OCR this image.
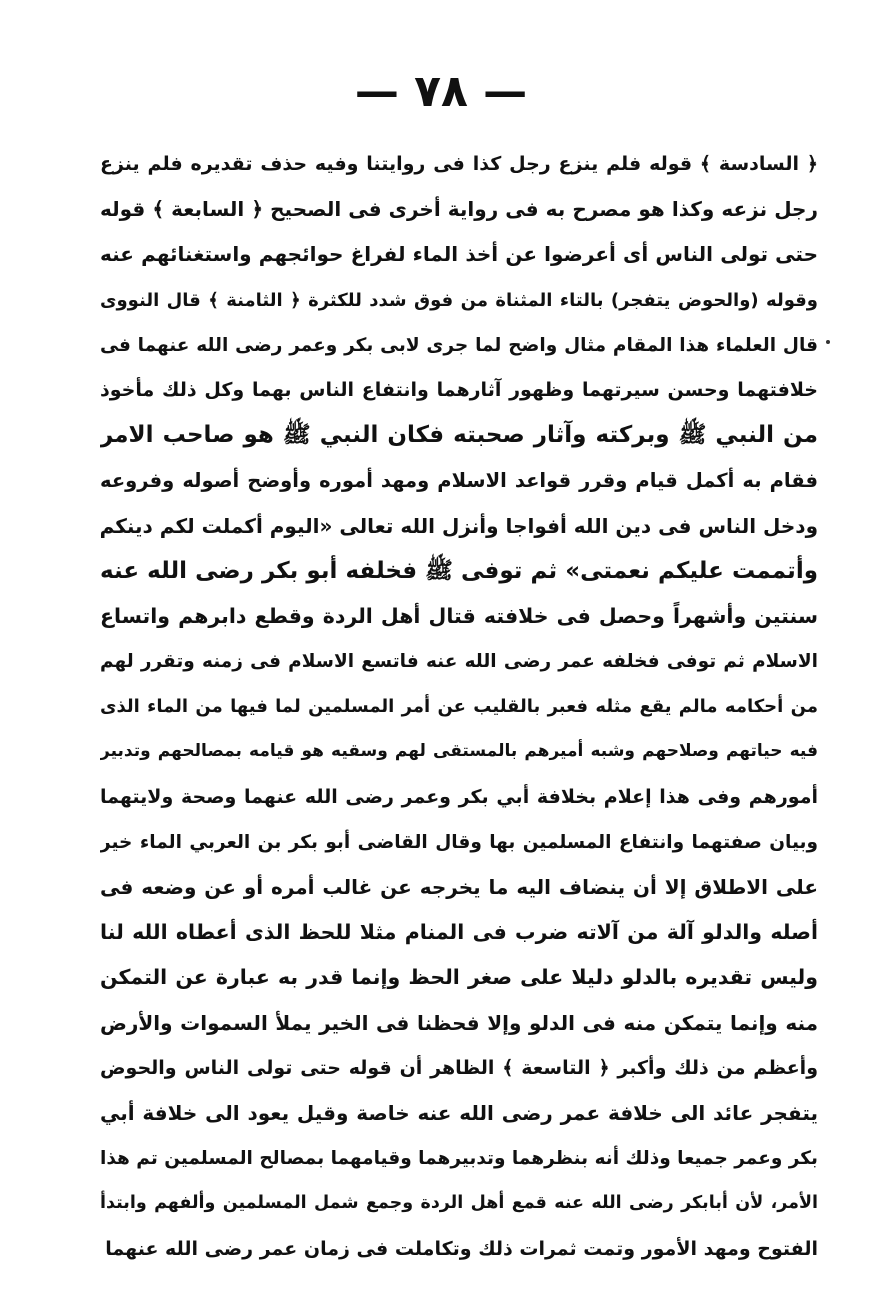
— ٧٨ —
﴿ السادسة ﴾ قوله فلم ينزع رجل كذا فى روايتنا وفيه حذف تقديره فلم ينزع
رجل نزعه وكذا هو مصرح به فى رواية أخرى فى الصحيح ﴿ السابعة ﴾ قوله
حتى تولى الناس أى أعرضوا عن أخذ الماء لفراغ حوائجهم واستغنائهم عنه
وقوله (والحوض يتفجر) بالتاء المثناة من فوق شدد للكثرة ﴿ الثامنة ﴾ قال النووى
قال العلماء هذا المقام مثال واضح لما جرى لابى بكر وعمر رضى الله عنهما فى
خلافتهما وحسن سيرتهما وظهور آثارهما وانتفاع الناس بهما وكل ذلك مأخوذ
من النبي ﷺ وبركته وآثار صحبته فكان النبي ﷺ هو صاحب الامر
فقام به أكمل قيام وقرر قواعد الاسلام ومهد أموره وأوضح أصوله وفروعه
ودخل الناس فى دين الله أفواجا وأنزل الله تعالى «اليوم أكملت لكم دينكم
وأتممت عليكم نعمتى» ثم توفى ﷺ فخلفه أبو بكر رضى الله عنه
سنتين وأشهراً وحصل فى خلافته قتال أهل الردة وقطع دابرهم واتساع
الاسلام ثم توفى فخلفه عمر رضى الله عنه فاتسع الاسلام فى زمنه وتقرر لهم
من أحكامه مالم يقع مثله فعبر بالقليب عن أمر المسلمين لما فيها من الماء الذى
فيه حياتهم وصلاحهم وشبه أميرهم بالمستقى لهم وسقيه هو قيامه بمصالحهم وتدبير
أمورهم وفى هذا إعلام بخلافة أبي بكر وعمر رضى الله عنهما وصحة ولايتهما
وبيان صفتهما وانتفاع المسلمين بها وقال القاضى أبو بكر بن العربي الماء خير
على الاطلاق إلا أن ينضاف اليه ما يخرجه عن غالب أمره أو عن وضعه فى
أصله والدلو آلة من آلاته ضرب فى المنام مثلا للحظ الذى أعطاه الله لنا
وليس تقديره بالدلو دليلا على صغر الحظ وإنما قدر به عبارة عن التمكن
منه وإنما يتمكن منه فى الدلو وإلا فحظنا فى الخير يملأ السموات والأرض
وأعظم من ذلك وأكبر ﴿ التاسعة ﴾ الظاهر أن قوله حتى تولى الناس والحوض
يتفجر عائد الى خلافة عمر رضى الله عنه خاصة وقيل يعود الى خلافة أبي
بكر وعمر جميعا وذلك أنه بنظرهما وتدبيرهما وقيامهما بمصالح المسلمين تم هذا
الأمر، لأن أبابكر رضى الله عنه قمع أهل الردة وجمع شمل المسلمين وألفهم وابتدأ
الفتوح ومهد الأمور وتمت ثمرات ذلك وتكاملت فى زمان عمر رضى الله عنهما
